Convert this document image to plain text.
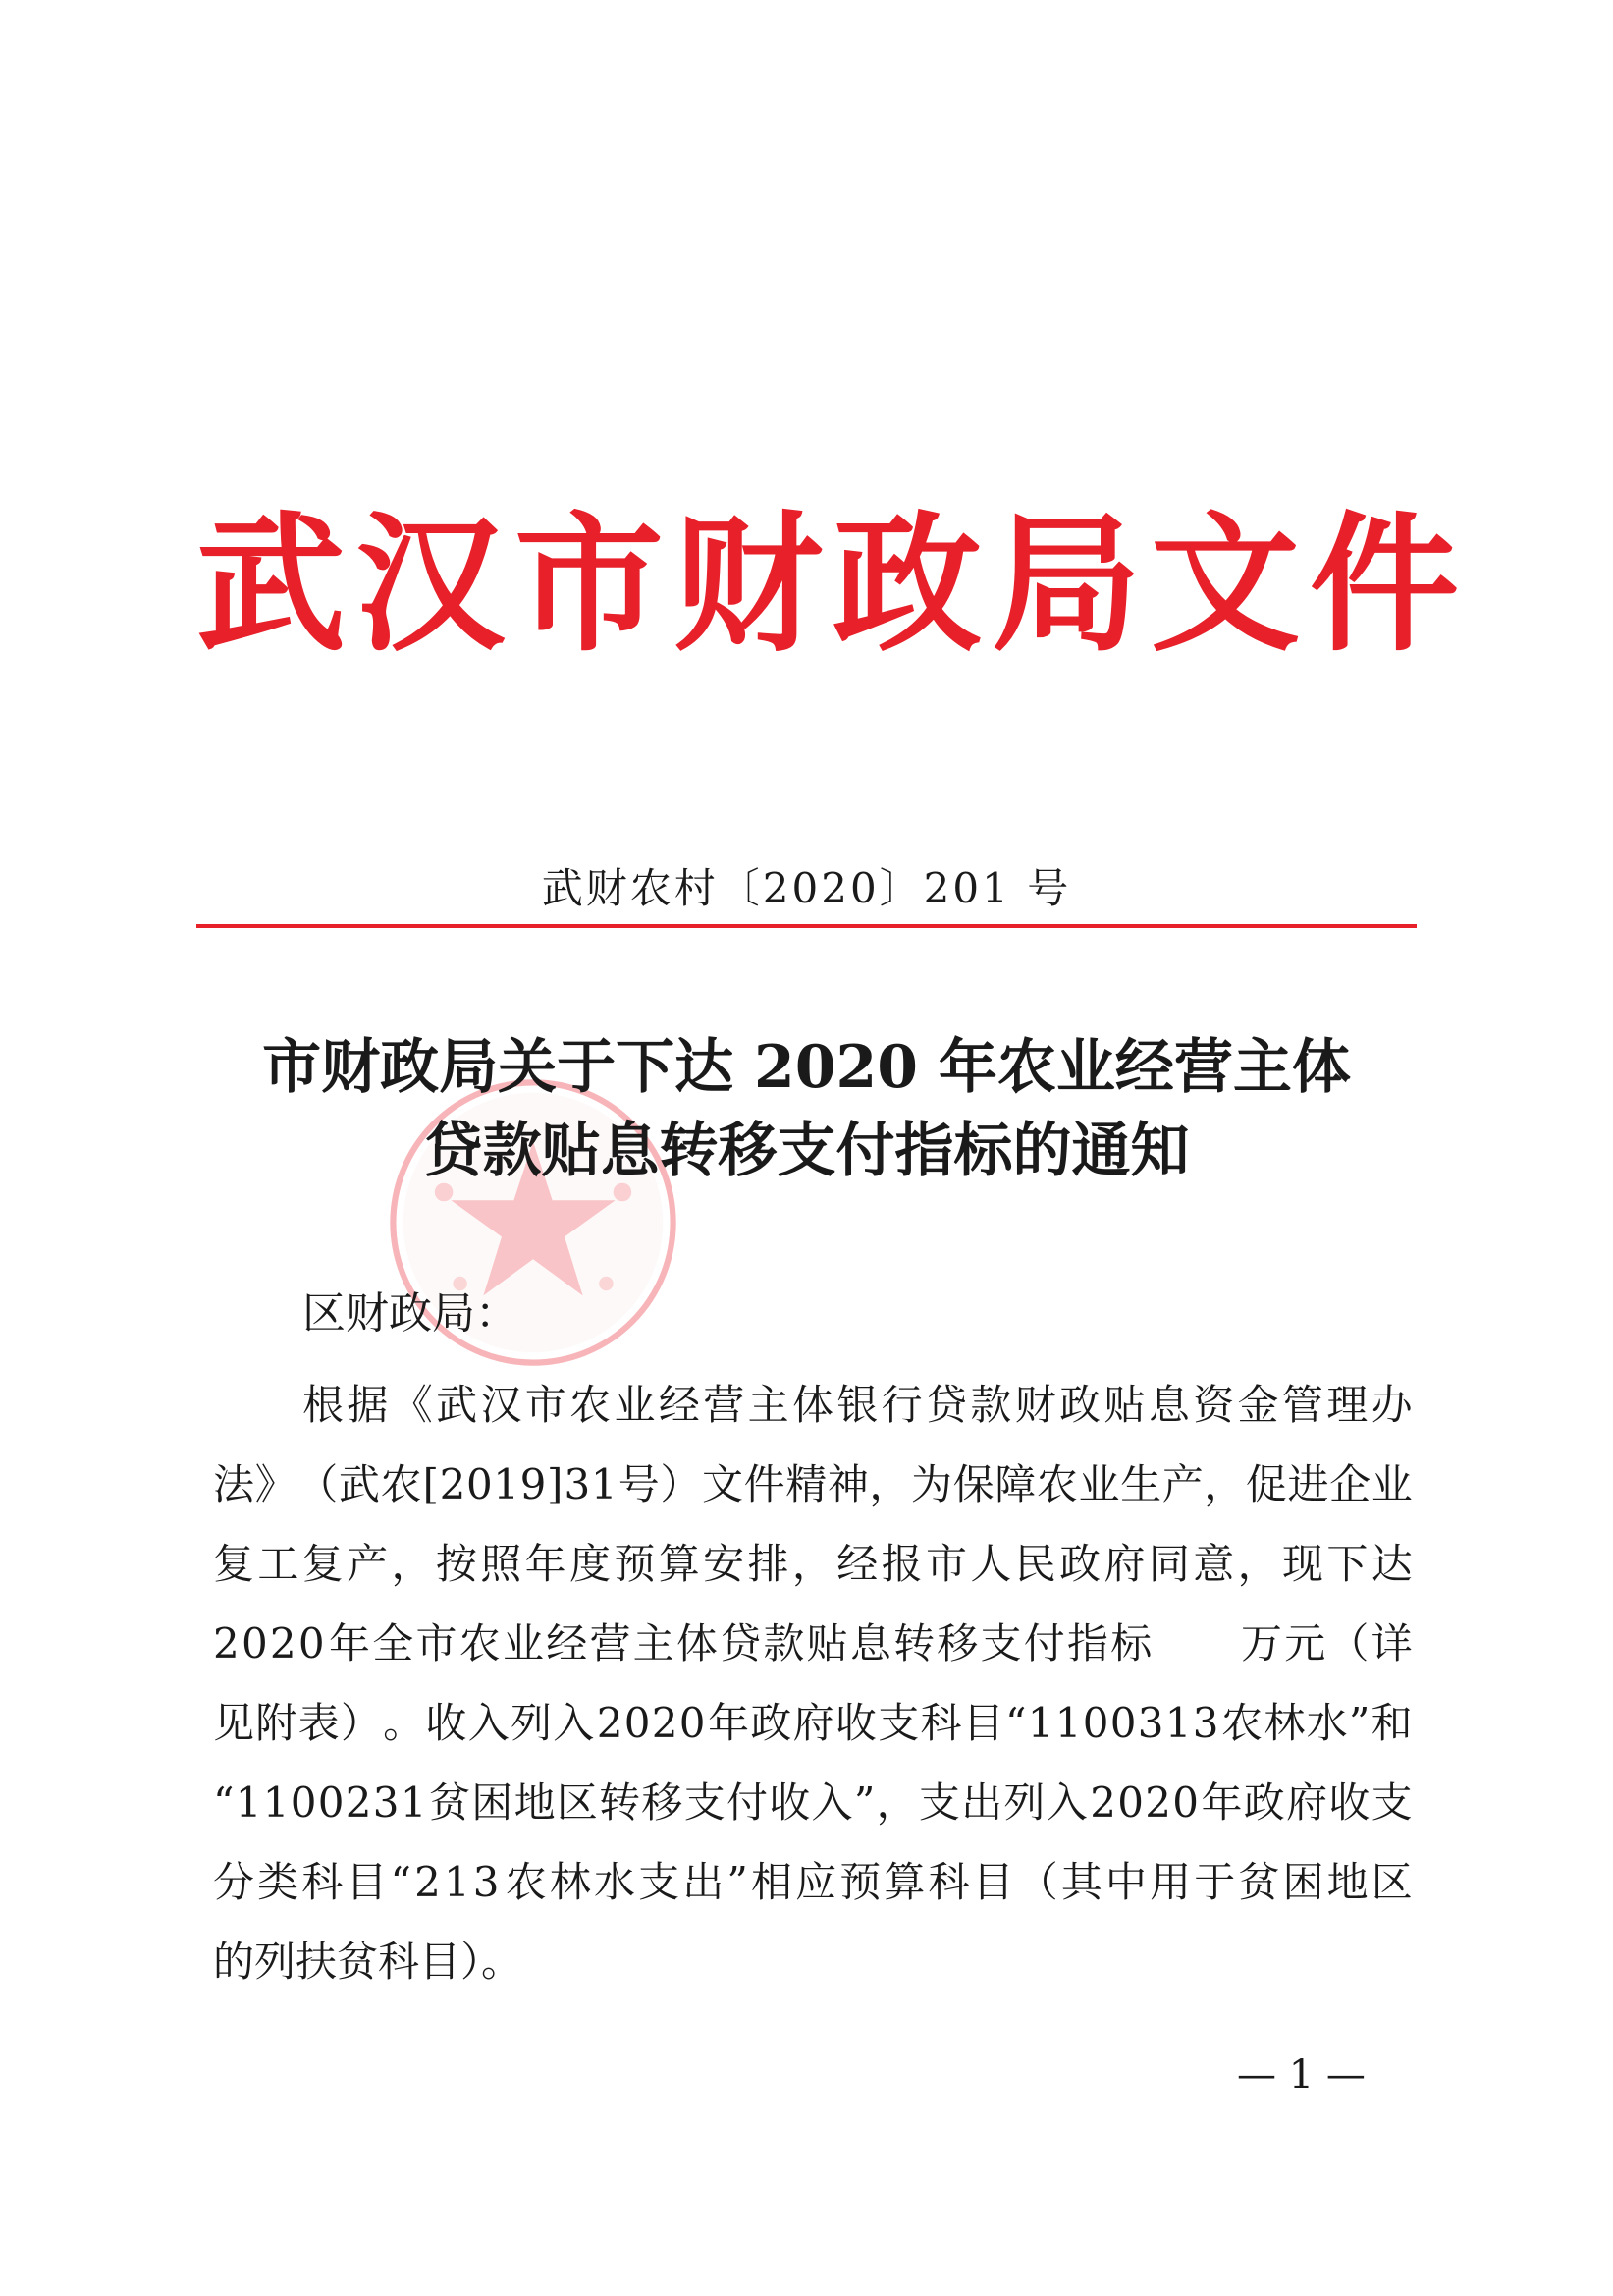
武汉市财政局文件
武财农村〔2020〕201 号
市财政局关于下达 2020 年农业经营主体
贷款贴息转移支付指标的通知
区财政局：
根 据 《 武 汉 市 农 业 经 营 主 体 银 行 贷 款 财 政 贴 息 资 金 管 理 办
法 》 （ 武 农 [ 2 0 1 9 ] 3 1 号 ） 文 件 精 神 ， 为 保 障 农 业 生 产 ， 促 进 企 业
复 工 复 产 ， 按 照 年 度 预 算 安 排 ， 经 报 市 人 民 政 府 同 意 ， 现 下 达
2 0 2 0 年 全 市 农 业 经 营 主 体 贷 款 贴 息 转 移 支 付 指 标

　 万 元 （ 详
见 附 表 ） 。 收 入 列 入 2 0 2 0 年 政 府 收 支 科 目 “ 1 1 0 0 3 1 3 农 林 水 ” 和
“ 1 1 0 0 2 3 1 贫 困 地 区 转 移 支 付 收 入 ” ， 支 出 列 入 2 0 2 0 年 政 府 收 支
分 类 科 目 “ 2 1 3 农 林 水 支 出 ” 相 应 预 算 科 目 （ 其 中 用 于 贫 困 地 区
的列扶贫科目）。
— 1 —
